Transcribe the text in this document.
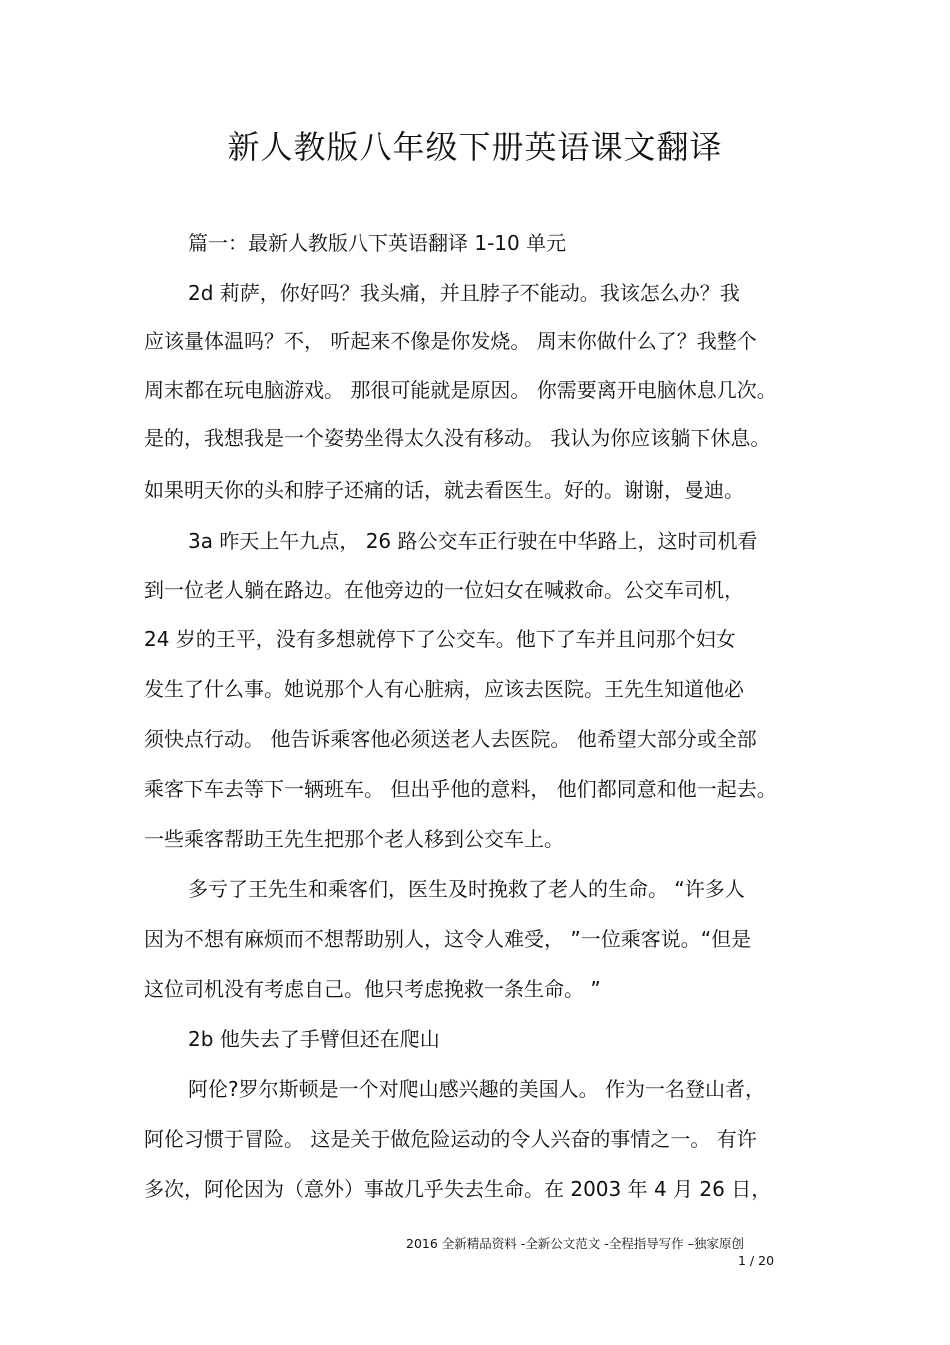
新人教版八年级下册英语课文翻译
篇一：最新人教版八下英语翻译 1-10 单元
2d 莉萨，你好吗？我头痛，并且脖子不能动。我该怎么办？我
应该量体温吗？不， 听起来不像是你发烧。 周末你做什么了？我整个
周末都在玩电脑游戏。 那很可能就是原因。 你需要离开电脑休息几次。
是的，我想我是一个姿势坐得太久没有移动。 我认为你应该躺下休息。
如果明天你的头和脖子还痛的话，就去看医生。好的。谢谢，曼迪。
3a 昨天上午九点， 26 路公交车正行驶在中华路上，这时司机看
到一位老人躺在路边。在他旁边的一位妇女在喊救命。公交车司机，
24 岁的王平，没有多想就停下了公交车。他下了车并且问那个妇女
发生了什么事。她说那个人有心脏病，应该去医院。王先生知道他必
须快点行动。 他告诉乘客他必须送老人去医院。 他希望大部分或全部
乘客下车去等下一辆班车。 但出乎他的意料， 他们都同意和他一起去。
一些乘客帮助王先生把那个老人移到公交车上。
多亏了王先生和乘客们，医生及时挽救了老人的生命。 “许多人
因为不想有麻烦而不想帮助别人，这令人难受， ”一位乘客说。“但是
这位司机没有考虑自己。他只考虑挽救一条生命。 ”
2b 他失去了手臂但还在爬山
阿伦?罗尔斯顿是一个对爬山感兴趣的美国人。 作为一名登山者，
阿伦习惯于冒险。 这是关于做危险运动的令人兴奋的事情之一。 有许
多次，阿伦因为（意外）事故几乎失去生命。在 2003 年 4 月 26 日，
2016 全新精品资料 -全新公文范文 -全程指导写作 –独家原创
1 / 20
